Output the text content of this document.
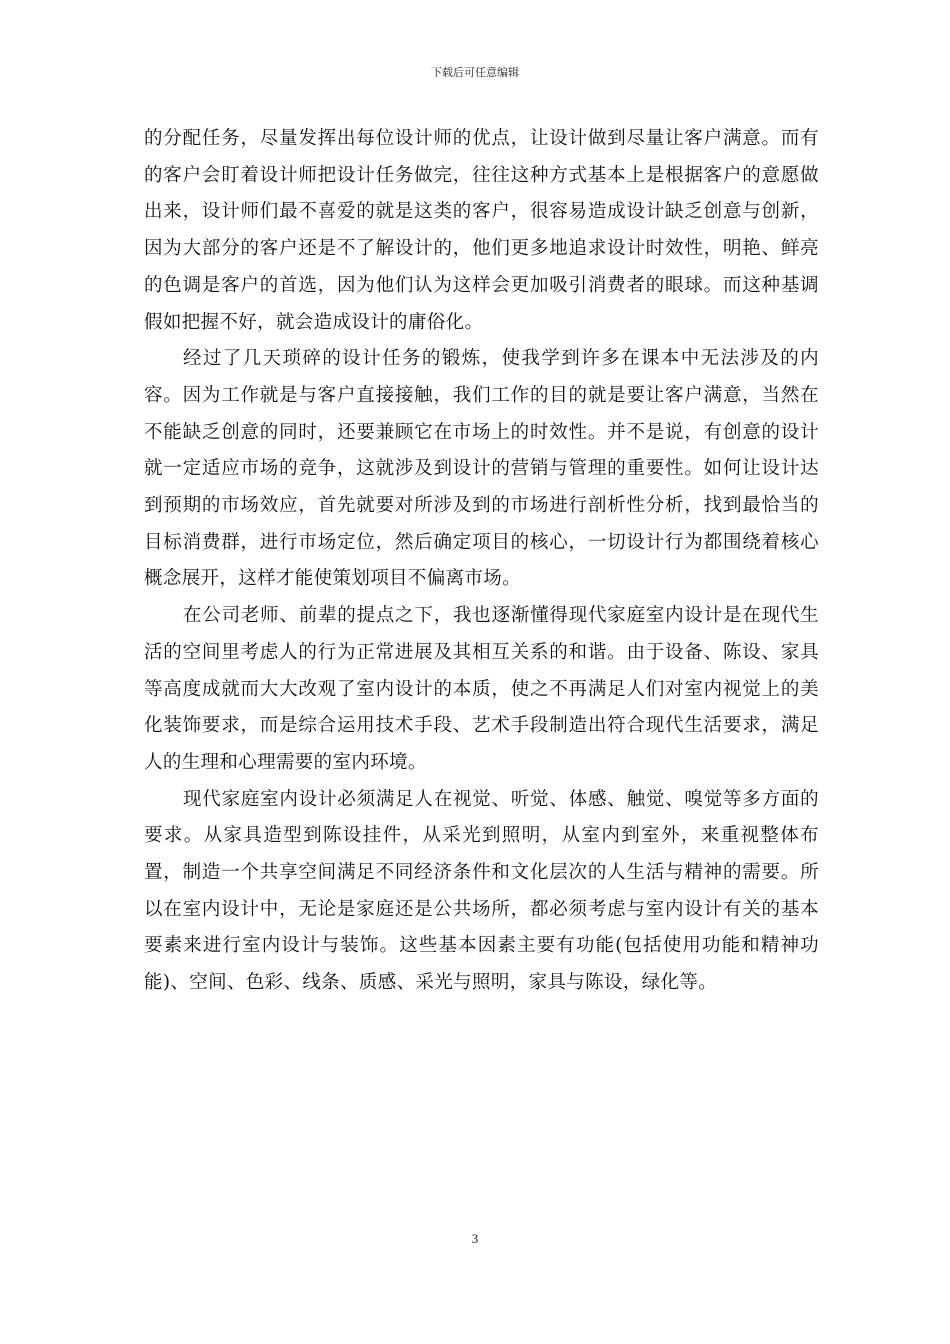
下载后可任意编辑

的分配任务，尽量发挥出每位设计师的优点，让设计做到尽量让客户满意。而有的客户会盯着设计师把设计任务做完，往往这种方式基本上是根据客户的意愿做出来，设计师们最不喜爱的就是这类的客户，很容易造成设计缺乏创意与创新，因为大部分的客户还是不了解设计的，他们更多地追求设计时效性，明艳、鲜亮的色调是客户的首选，因为他们认为这样会更加吸引消费者的眼球。而这种基调假如把握不好，就会造成设计的庸俗化。

经过了几天琐碎的设计任务的锻炼，使我学到许多在课本中无法涉及的内容。因为工作就是与客户直接接触，我们工作的目的就是要让客户满意，当然在不能缺乏创意的同时，还要兼顾它在市场上的时效性。并不是说，有创意的设计就一定适应市场的竞争，这就涉及到设计的营销与管理的重要性。如何让设计达到预期的市场效应，首先就要对所涉及到的市场进行剖析性分析，找到最恰当的目标消费群，进行市场定位，然后确定项目的核心，一切设计行为都围绕着核心概念展开，这样才能使策划项目不偏离市场。

在公司老师、前辈的提点之下，我也逐渐懂得现代家庭室内设计是在现代生活的空间里考虑人的行为正常进展及其相互关系的和谐。由于设备、陈设、家具等高度成就而大大改观了室内设计的本质，使之不再满足人们对室内视觉上的美化装饰要求，而是综合运用技术手段、艺术手段制造出符合现代生活要求，满足人的生理和心理需要的室内环境。

现代家庭室内设计必须满足人在视觉、听觉、体感、触觉、嗅觉等多方面的要求。从家具造型到陈设挂件，从采光到照明，从室内到室外，来重视整体布置，制造一个共享空间满足不同经济条件和文化层次的人生活与精神的需要。所以在室内设计中，无论是家庭还是公共场所，都必须考虑与室内设计有关的基本要素来进行室内设计与装饰。这些基本因素主要有功能(包括使用功能和精神功能)、空间、色彩、线条、质感、采光与照明，家具与陈设，绿化等。

3
